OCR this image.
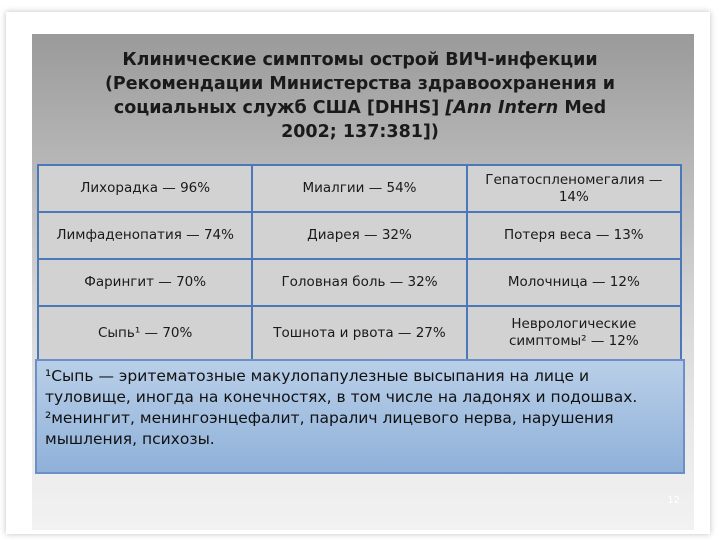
Клинические симптомы острой ВИЧ-инфекции
(Рекомендации Министерства здравоохранения и
социальных служб США [DHHS] [Ann Intern Med
2002; 137:381])
Лихорадка — 96%	Миалгии — 54%	Гепатоспленомегалия — 14%
Лимфаденопатия — 74%	Диарея — 32%	Потеря веса — 13%
Фарингит — 70%	Головная боль — 32%	Молочница — 12%
Сыпь¹ — 70%	Тошнота и рвота — 27%	Неврологические симптомы² — 12%
¹Сыпь — эритематозные макулопапулезные высыпания на лице и туловище, иногда на конечностях, в том числе на ладонях и подошвах.
²менингит, менингоэнцефалит, паралич лицевого нерва, нарушения мышления, психозы.
12
